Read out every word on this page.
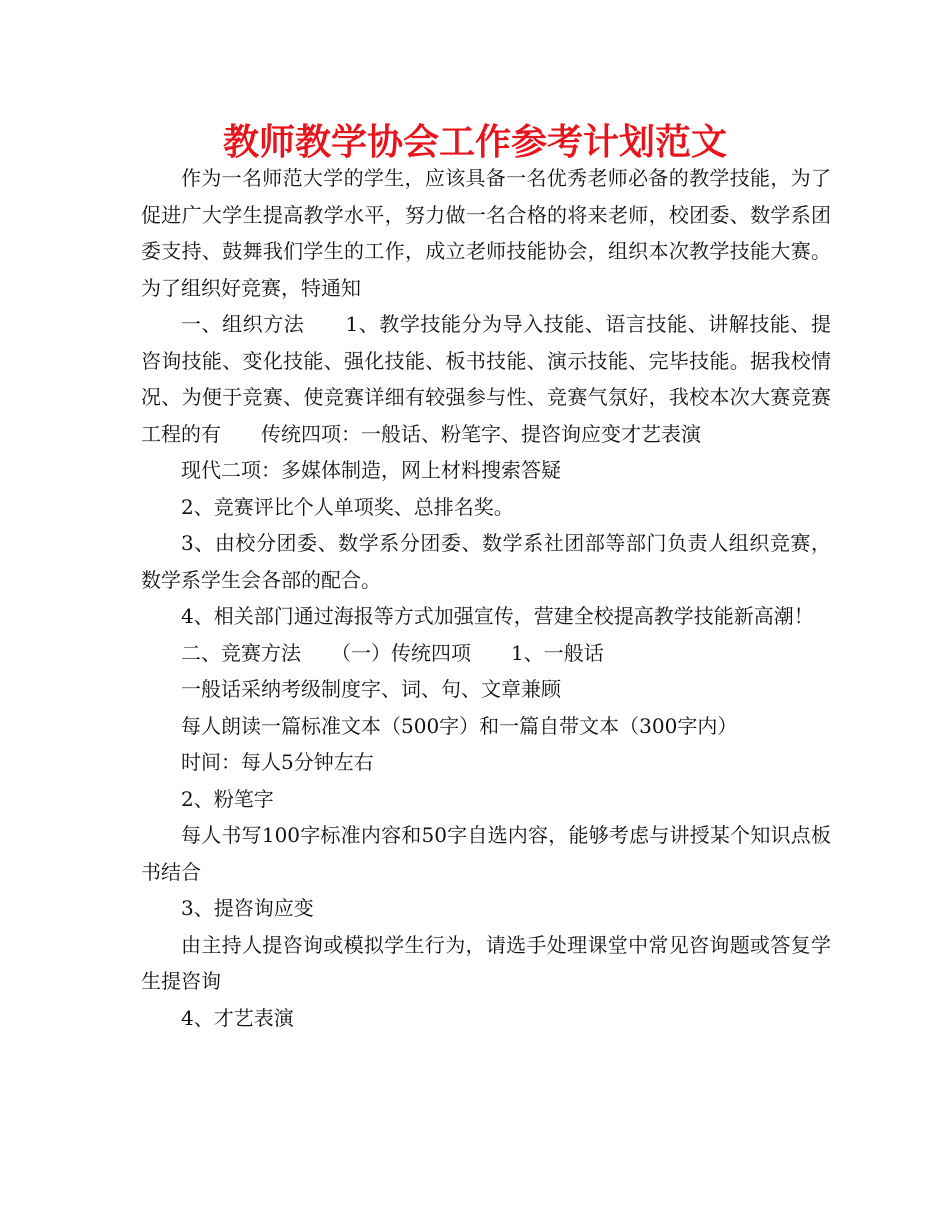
教师教学协会工作参考计划范文

作为一名师范大学的学生，应该具备一名优秀老师必备的教学技能，为了促进广大学生提高教学水平，努力做一名合格的将来老师，校团委、数学系团委支持、鼓舞我们学生的工作，成立老师技能协会，组织本次教学技能大赛。为了组织好竞赛，特通知

一、组织方法　　1、教学技能分为导入技能、语言技能、讲解技能、提咨询技能、变化技能、强化技能、板书技能、演示技能、完毕技能。据我校情况、为便于竞赛、使竞赛详细有较强参与性、竞赛气氛好，我校本次大赛竞赛工程的有　　传统四项：一般话、粉笔字、提咨询应变才艺表演

现代二项：多媒体制造，网上材料搜索答疑

2、竞赛评比个人单项奖、总排名奖。

3、由校分团委、数学系分团委、数学系社团部等部门负责人组织竞赛，数学系学生会各部的配合。

4、相关部门通过海报等方式加强宣传，营建全校提高教学技能新高潮！

二、竞赛方法　　（一）传统四项　　1、一般话

一般话采纳考级制度字、词、句、文章兼顾

每人朗读一篇标准文本（500字）和一篇自带文本（300字内）

时间：每人5分钟左右

2、粉笔字

每人书写100字标准内容和50字自选内容，能够考虑与讲授某个知识点板书结合

3、提咨询应变

由主持人提咨询或模拟学生行为，请选手处理课堂中常见咨询题或答复学生提咨询

4、才艺表演
